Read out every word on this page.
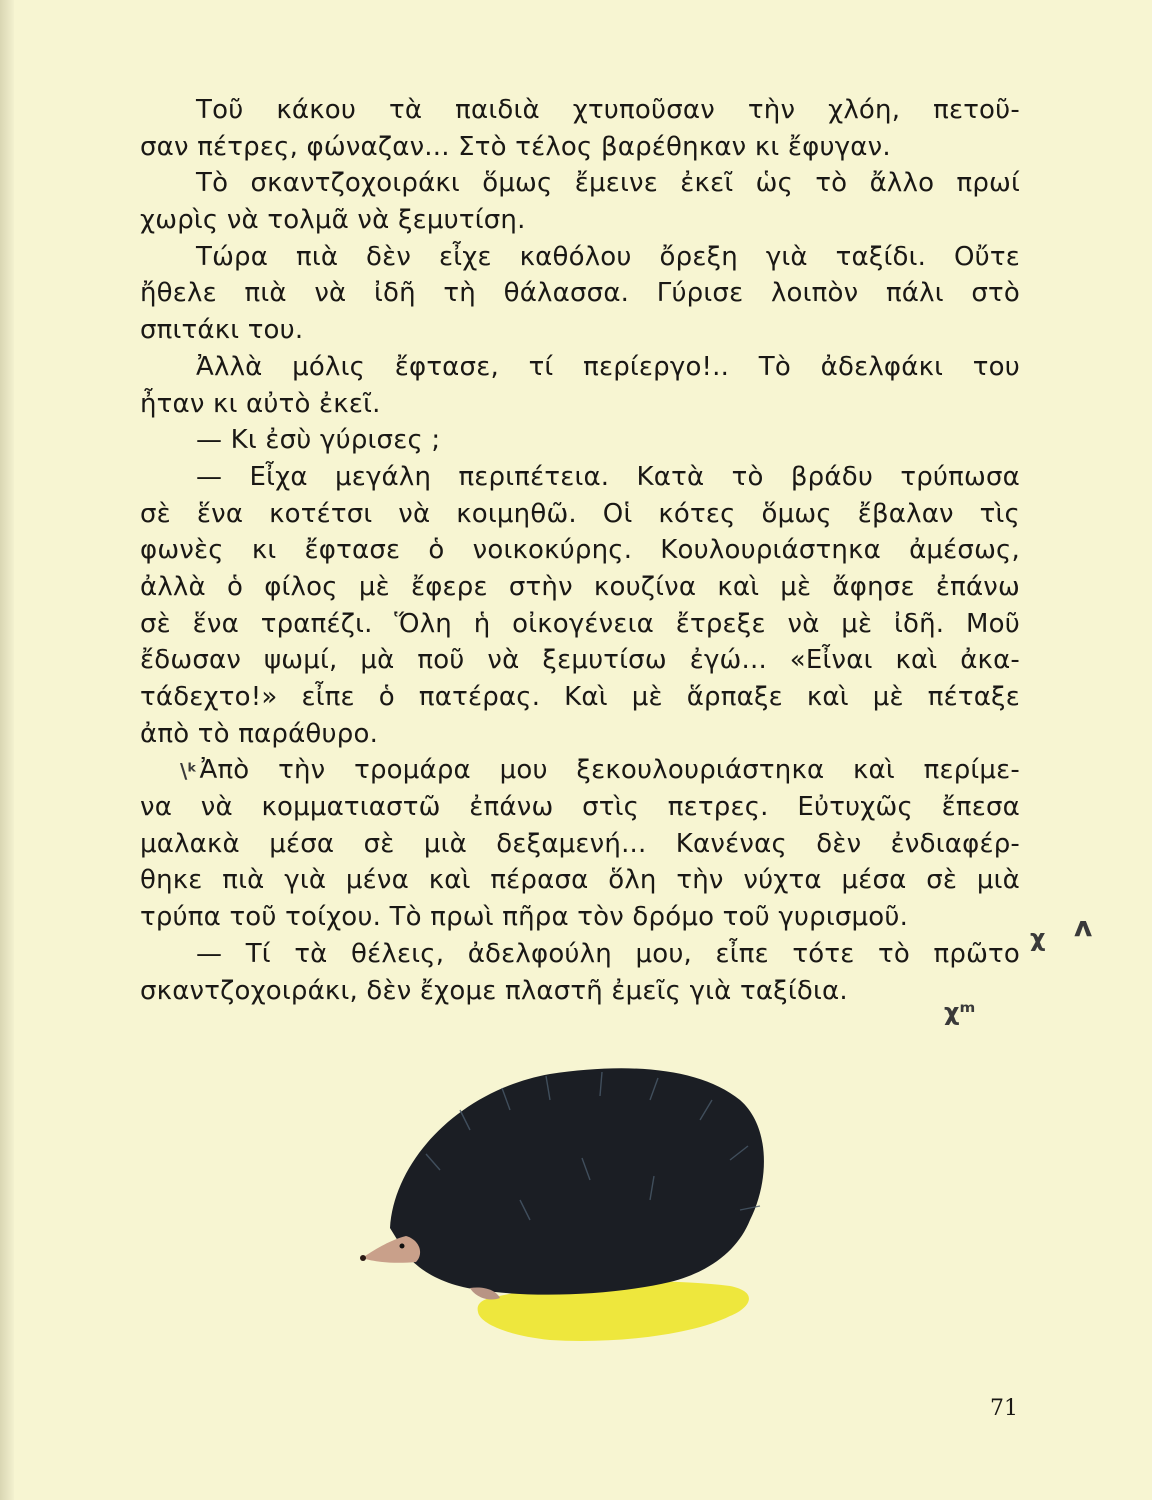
Τοῦ κάκου τὰ παιδιὰ χτυποῦσαν τὴν χλόη, πετοῦ-
σαν πέτρες, φώναζαν... Στὸ τέλος βαρέθηκαν κι ἔφυγαν.
Τὸ σκαντζοχοιράκι ὅμως ἔμεινε ἐκεῖ ὡς τὸ ἄλλο πρωί
χωρὶς νὰ τολμᾶ νὰ ξεμυτίση.
Τώρα πιὰ δὲν εἶχε καθόλου ὄρεξη γιὰ ταξίδι. Οὔτε
ἤθελε πιὰ νὰ ἰδῆ τὴ θάλασσα. Γύρισε λοιπὸν πάλι στὸ
σπιτάκι του.
Ἀλλὰ μόλις ἔφτασε, τί περίεργο!.. Τὸ ἀδελφάκι του
ἦταν κι αὐτὸ ἐκεῖ.
— Κι ἐσὺ γύρισες ;
— Εἶχα μεγάλη περιπέτεια. Κατὰ τὸ βράδυ τρύπωσα
σὲ ἕνα κοτέτσι νὰ κοιμηθῶ. Οἱ κότες ὅμως ἔβαλαν τὶς
φωνὲς κι ἔφτασε ὁ νοικοκύρης. Κουλουριάστηκα ἀμέσως,
ἀλλὰ ὁ φίλος μὲ ἔφερε στὴν κουζίνα καὶ μὲ ἄφησε ἐπάνω
σὲ ἕνα τραπέζι. Ὅλη ἡ οἰκογένεια ἔτρεξε νὰ μὲ ἰδῆ. Μοῦ
ἔδωσαν ψωμί, μὰ ποῦ νὰ ξεμυτίσω ἐγώ... «Εἶναι καὶ ἀκα-
τάδεχτο!» εἶπε ὁ πατέρας. Καὶ μὲ ἅρπαξε καὶ μὲ πέταξε
ἀπὸ τὸ παράθυρο.
\ᵏἈπὸ τὴν τρομάρα μου ξεκουλουριάστηκα καὶ περίμε-
να νὰ κομματιαστῶ ἐπάνω στὶς πετρες. Εὐτυχῶς ἔπεσα
μαλακὰ μέσα σὲ μιὰ δεξαμενή... Κανένας δὲν ἐνδιαφέρ-
θηκε πιὰ γιὰ μένα καὶ πέρασα ὅλη τὴν νύχτα μέσα σὲ μιὰ
τρύπα τοῦ τοίχου. Τὸ πρωὶ πῆρα τὸν δρόμο τοῦ γυρισμοῦ.
— Τί τὰ θέλεις, ἀδελφούλη μου, εἶπε τότε τὸ πρῶτο
σκαντζοχοιράκι, δὲν ἔχομε πλαστῆ ἐμεῖς γιὰ ταξίδια.
χ ᴧ
χᵐ
71
